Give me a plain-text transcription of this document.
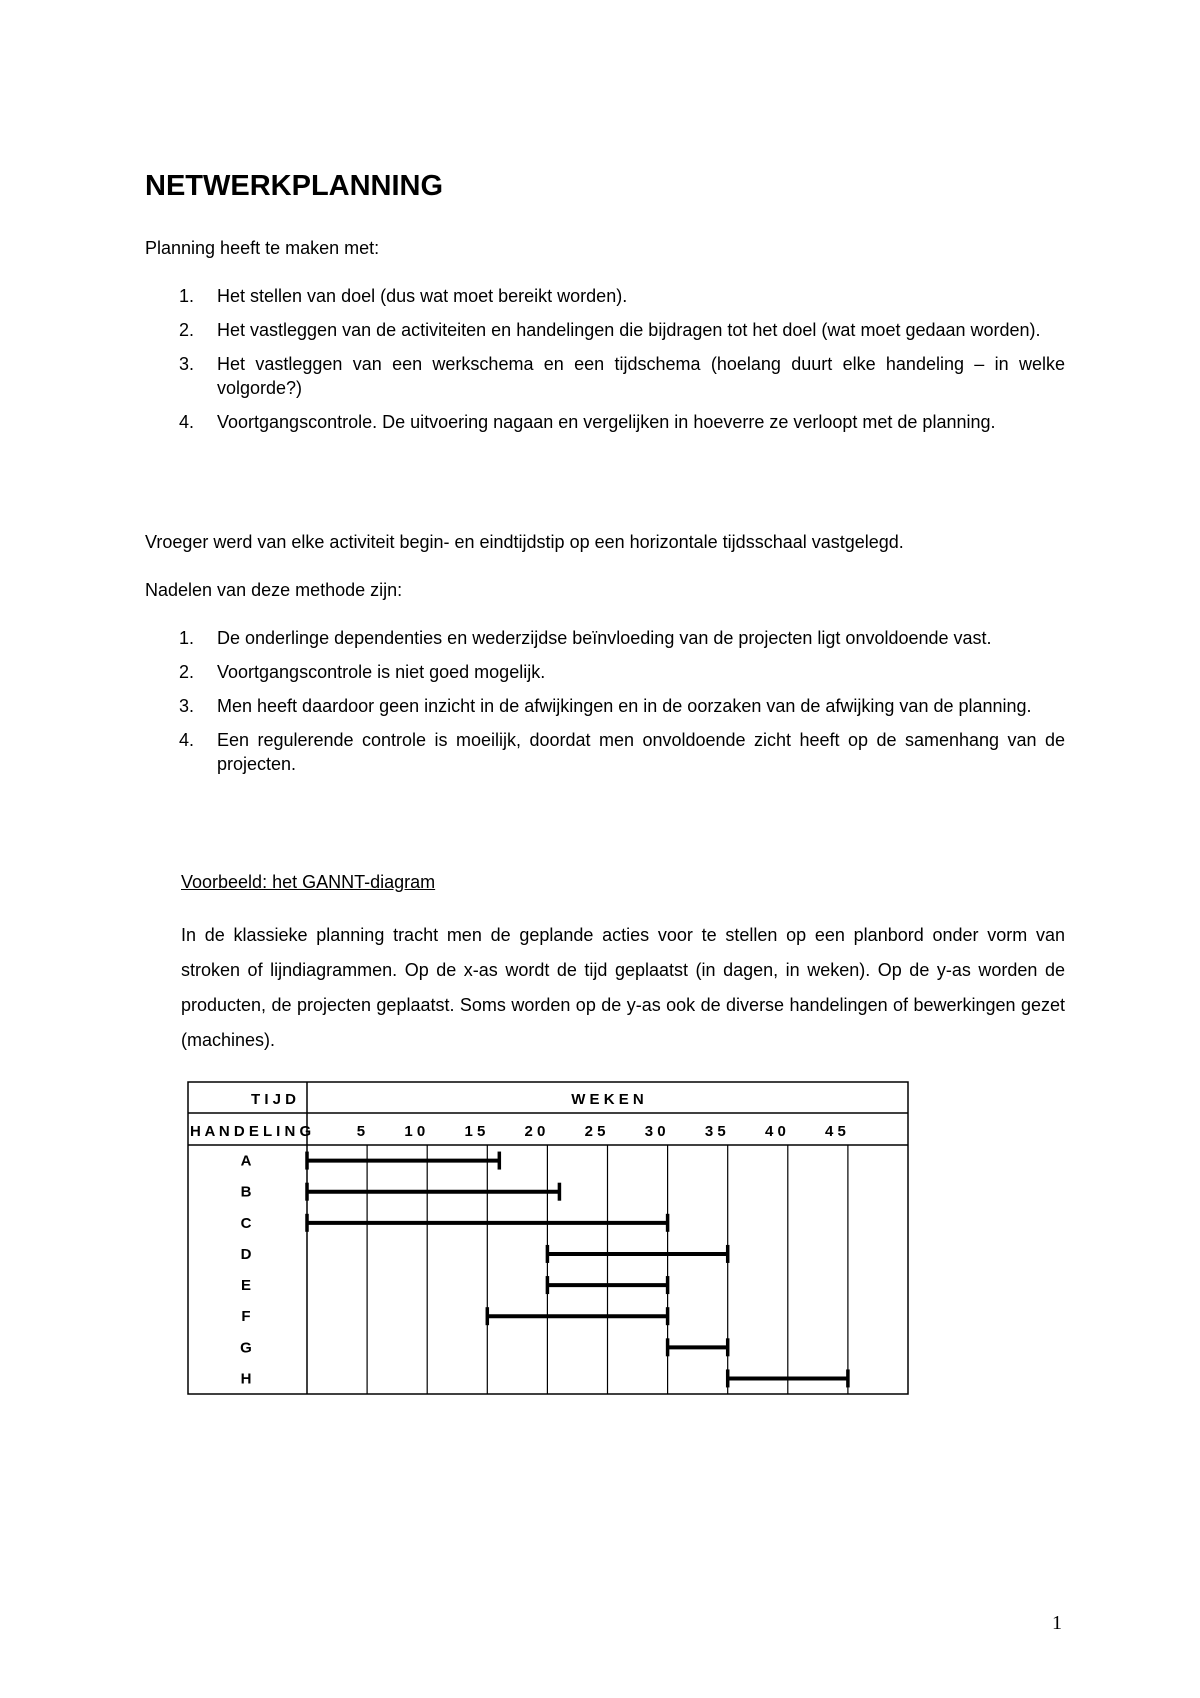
NETWERKPLANNING

Planning heeft te maken met:

1. Het stellen van doel (dus wat moet bereikt worden).
2. Het vastleggen van de activiteiten en handelingen die bijdragen tot het doel (wat moet gedaan worden).
3. Het vastleggen van een werkschema en een tijdschema (hoelang duurt elke handeling – in welke volgorde?)
4. Voortgangscontrole. De uitvoering nagaan en vergelijken in hoeverre ze verloopt met de planning.

Vroeger werd van elke activiteit begin- en eindtijdstip op een horizontale tijdsschaal vastgelegd.

Nadelen van deze methode zijn:

1. De onderlinge dependenties en wederzijdse beïnvloeding van de projecten ligt onvoldoende vast.
2. Voortgangscontrole is niet goed mogelijk.
3. Men heeft daardoor geen inzicht in de afwijkingen en in de oorzaken van de afwijking van de planning.
4. Een regulerende controle is moeilijk, doordat men onvoldoende zicht heeft op de samenhang van de projecten.

Voorbeeld: het GANNT-diagram

In de klassieke planning tracht men de geplande acties voor te stellen op een planbord onder vorm van stroken of lijndiagrammen. Op de x-as wordt de tijd geplaatst (in dagen, in weken). Op de y-as worden de producten, de projecten geplaatst. Soms worden op de y-as ook de diverse handelingen of bewerkingen gezet (machines).

T I J D	W E K E N
H A N D E L I N G	5	1 0	1 5	2 0	2 5	3 0	3 5	4 0	4 5
A
B
C
D
E
F
G
H

1
